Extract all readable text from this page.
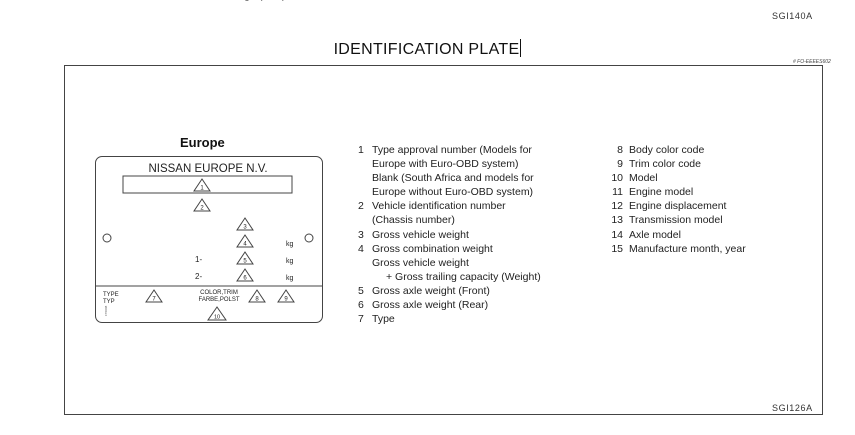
SGI140A
IDENTIFICATION PLATE
# FO-EEEES602
SGI126A
Europe
NISSAN EUROPE N.V.
1
2
3
4
5
6
kg
kg
kg
1-
2-
TYPE
TYP
FT0008
7
COLOR,TRIM
FARBE,POLST	8	9
10
1 Type approval number (Models for
Europe with Euro-OBD system)
Blank (South Africa and models for
Europe without Euro-OBD system)
2 Vehicle identification number
(Chassis number)
3 Gross vehicle weight
4 Gross combination weight
Gross vehicle weight
+ Gross trailing capacity (Weight)
5 Gross axle weight (Front)
6 Gross axle weight (Rear)
7 Type
8 Body color code
9 Trim color code
10 Model
11 Engine model
12 Engine displacement
13 Transmission model
14 Axle model
15 Manufacture month, year
